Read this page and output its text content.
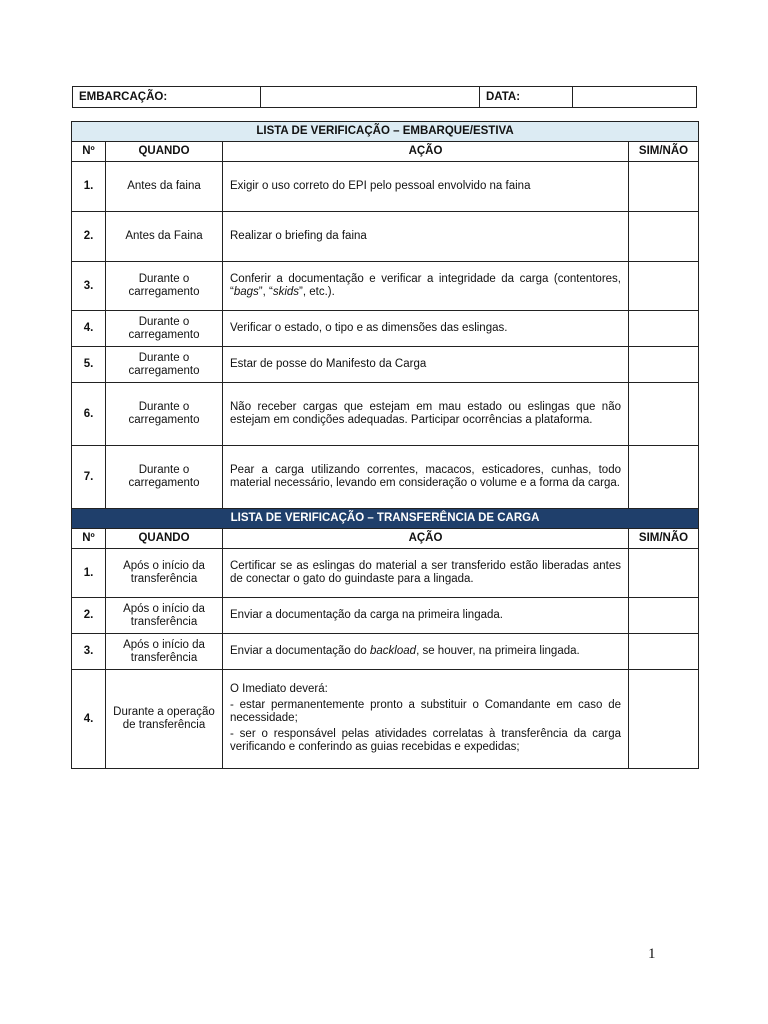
EMBARCAÇÃO:		DATA:	
LISTA DE VERIFICAÇÃO – EMBARQUE/ESTIVA			
Nº	QUANDO	AÇÃO	SIM/NÃO
1.	Antes da faina	Exigir o uso correto do EPI pelo pessoal envolvido na faina	
2.	Antes da Faina	Realizar o briefing da faina	
3.	Durante o carregamento	Conferir a documentação e verificar a integridade da carga (contentores, “bags”, “skids”, etc.).	
4.	Durante o carregamento	Verificar o estado, o tipo e as dimensões das eslingas.	
5.	Durante o carregamento	Estar de posse do Manifesto da Carga	
6.	Durante o carregamento	Não receber cargas que estejam em mau estado ou eslingas que não estejam em condições adequadas. Participar ocorrências a plataforma.	
7.	Durante o carregamento	Pear a carga utilizando correntes, macacos, esticadores, cunhas, todo material necessário, levando em consideração o volume e a forma da carga.	
LISTA DE VERIFICAÇÃO – TRANSFERÊNCIA DE CARGA			
Nº	QUANDO	AÇÃO	SIM/NÃO
1.	Após o início da transferência	Certificar se as eslingas do material a ser transferido estão liberadas antes de conectar o gato do guindaste para a lingada.	
2.	Após o início da transferência	Enviar a documentação da carga na primeira lingada.	
3.	Após o início da transferência	Enviar a documentação do backload, se houver, na primeira lingada.	
4.	Durante a operação de transferência	O Imediato deverá:

- estar permanentemente pronto a substituir o Comandante em caso de necessidade;

- ser o responsável pelas atividades correlatas à transferência da carga verificando e conferindo as guias recebidas e expedidas;	

1
